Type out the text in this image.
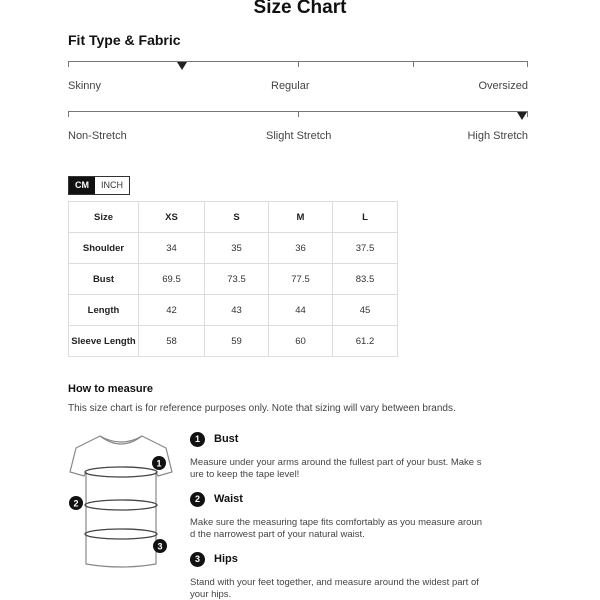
Size Chart
Fit Type & Fabric
Skinny	Regular	Oversized
Non-Stretch	Slight Stretch	High Stretch
CM	INCH
Size	XS	S	M	L
Shoulder	34	35	36	37.5
Bust	69.5	73.5	77.5	83.5
Length	42	43	44	45
Sleeve Length	58	59	60	61.2
How to measure
This size chart is for reference purposes only. Note that sizing will vary between brands.
1
2
3
1	Bust
Measure under your arms around the fullest part of your bust. Make s
ure to keep the tape level!
2	Waist
Make sure the measuring tape fits comfortably as you measure aroun
d the narrowest part of your natural waist.
3	Hips
Stand with your feet together, and measure around the widest part of
your hips.
